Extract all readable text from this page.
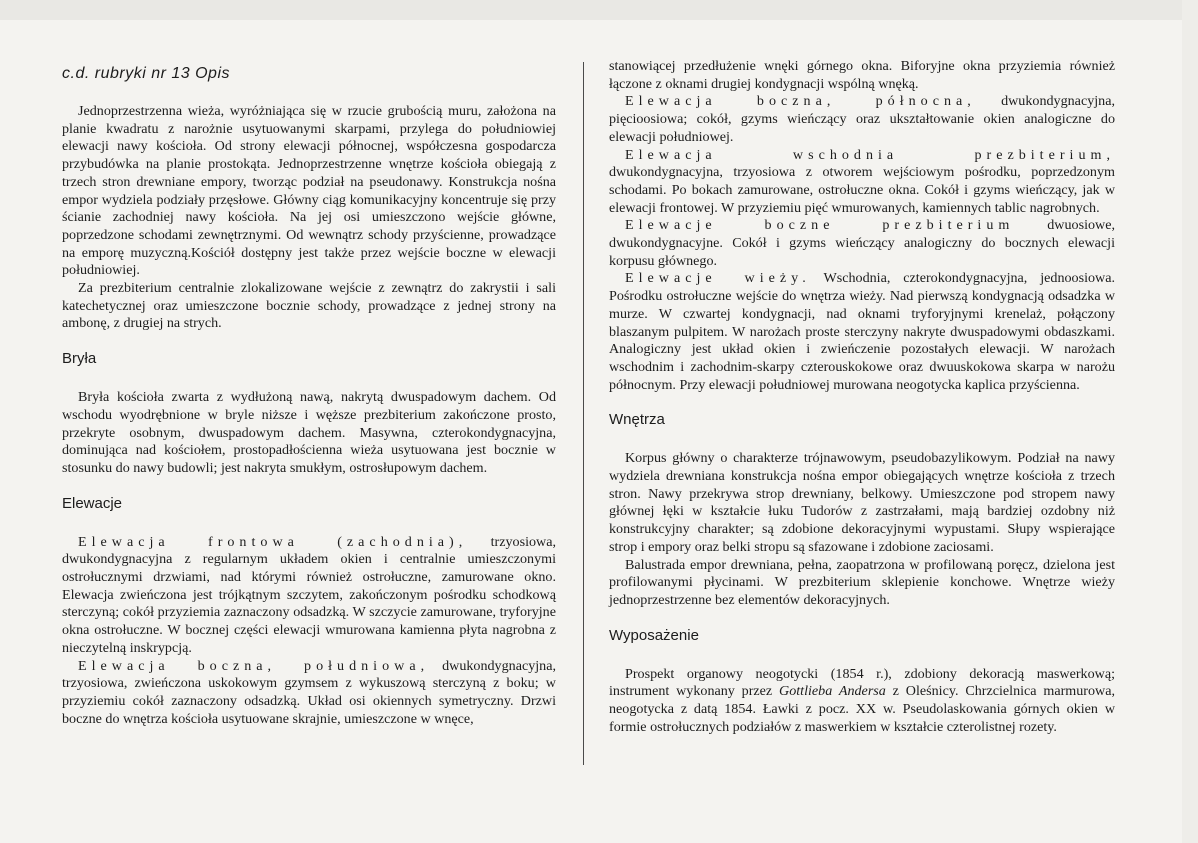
c.d. rubryki nr 13 Opis

Jednoprzestrzenna wieża, wyróżniająca się w rzucie grubością muru, założona na planie kwadratu z narożnie usytuowanymi skarpami, przylega do południowiej elewacji nawy kościoła. Od strony elewacji północnej, współczesna gospodarcza przybudówka na planie prostokąta. Jednoprzestrzenne wnętrze kościoła obiegają z trzech stron drewniane empory, tworząc podział na pseudonawy. Konstrukcja nośna empor wydziela podziały przęsłowe. Główny ciąg komunikacyjny koncentruje się przy ścianie zachodniej nawy kościoła. Na jej osi umieszczono wejście główne, poprzedzone schodami zewnętrznymi. Od wewnątrz schody przyścienne, prowadzące na emporę muzyczną.Kościół dostępny jest także przez wejście boczne w elewacji południowiej.

Za prezbiterium centralnie zlokalizowane wejście z zewnątrz do zakrystii i sali katechetycznej oraz umieszczone bocznie schody, prowadzące z jednej strony na ambonę, z drugiej na strych.

Bryła

Bryła kościoła zwarta z wydłużoną nawą, nakrytą dwuspadowym dachem. Od wschodu wyodrębnione w bryle niższe i węższe prezbiterium zakończone prosto, przekryte osobnym, dwuspadowym dachem. Masywna, czterokondygnacyjna, dominująca nad kościołem, prostopadłościenna wieża usytuowana jest bocznie w stosunku do nawy budowli; jest nakryta smukłym, ostrosłupowym dachem.

Elewacje

Elewacja frontowa (zachodnia), trzyosiowa, dwukondygnacyjna z regularnym układem okien i centralnie umieszczonymi ostrołucznymi drzwiami, nad którymi również ostrołuczne, zamurowane okno. Elewacja zwieńczona jest trójkątnym szczytem, zakończonym pośrodku schodkową sterczyną; cokół przyziemia zaznaczony odsadzką. W szczycie zamurowane, tryforyjne okna ostrołuczne. W bocznej części elewacji wmurowana kamienna płyta nagrobna z nieczytelną inskrypcją.

Elewacja boczna, południowa, dwukondygnacyjna, trzyosiowa, zwieńczona uskokowym gzymsem z wykuszową sterczyną z boku; w przyziemiu cokół zaznaczony odsadzką. Układ osi okiennych symetryczny. Drzwi boczne do wnętrza kościoła usytuowane skrajnie, umieszczone w wnęce,

stanowiącej przedłużenie wnęki górnego okna. Biforyjne okna przyziemia również łączone z oknami drugiej kondygnacji wspólną wnęką.

Elewacja boczna, północna, dwukondygnacyjna, pięcioosiowa; cokół, gzyms wieńczący oraz ukształtowanie okien analogiczne do elewacji południowej.

Elewacja wschodnia prezbiterium, dwukondygnacyjna, trzyosiowa z otworem wejściowym pośrodku, poprzedzonym schodami. Po bokach zamurowane, ostrołuczne okna. Cokół i gzyms wieńczący, jak w elewacji frontowej. W przyziemiu pięć wmurowanych, kamiennych tablic nagrobnych.

Elewacje boczne prezbiterium dwuosiowe, dwukondygnacyjne. Cokół i gzyms wieńczący analogiczny do bocznych elewacji korpusu głównego.

Elewacje wieży. Wschodnia, czterokondygnacyjna, jednoosiowa. Pośrodku ostrołuczne wejście do wnętrza wieży. Nad pierwszą kondygnacją odsadzka w murze. W czwartej kondygnacji, nad oknami tryforyjnymi krenelaż, połączony blaszanym pulpitem. W narożach proste sterczyny nakryte dwuspadowymi obdaszkami. Analogiczny jest układ okien i zwieńczenie pozostałych elewacji. W narożach wschodnim i zachodnim-skarpy czterouskokowe oraz dwuuskokowa skarpa w narożu północnym. Przy elewacji południowej murowana neogotycka kaplica przyścienna.

Wnętrza

Korpus główny o charakterze trójnawowym, pseudobazylikowym. Podział na nawy wydziela drewniana konstrukcja nośna empor obiegających wnętrze kościoła z trzech stron. Nawy przekrywa strop drewniany, belkowy. Umieszczone pod stropem nawy głównej łęki w kształcie łuku Tudorów z zastrzałami, mają bardziej ozdobny niż konstrukcyjny charakter; są zdobione dekoracyjnymi wypustami. Słupy wspierające strop i empory oraz belki stropu są sfazowane i zdobione zaciosami.

Balustrada empor drewniana, pełna, zaopatrzona w profilowaną poręcz, dzielona jest profilowanymi płycinami. W prezbiterium sklepienie konchowe. Wnętrze wieży jednoprzestrzenne bez elementów dekoracyjnych.

Wyposażenie

Prospekt organowy neogotycki (1854 r.), zdobiony dekoracją maswerkową; instrument wykonany przez Gottlieba Andersa z Oleśnicy. Chrzcielnica marmurowa, neogotycka z datą 1854. Ławki z pocz. XX w. Pseudolaskowania górnych okien w formie ostrołucznych podziałów z maswerkiem w kształcie czterolistnej rozety.
